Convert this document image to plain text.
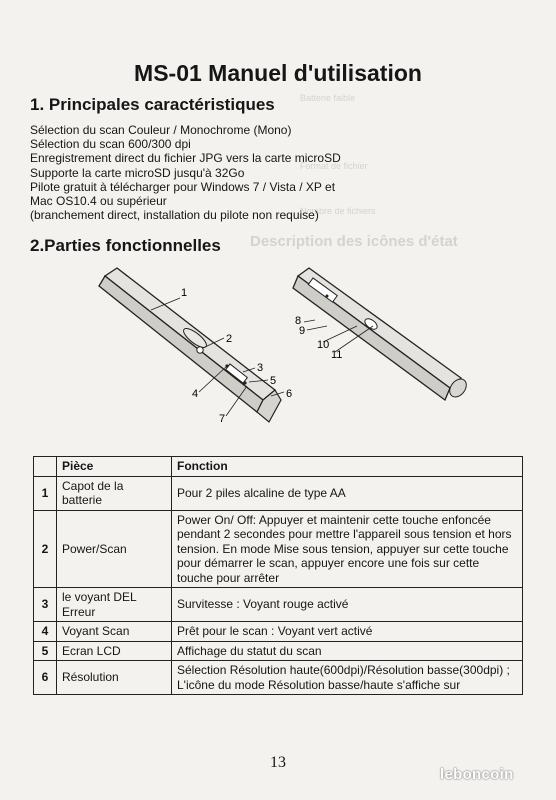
Description des icônes d'état
Batterie faible
Format de fichier
Nombre de fichiers
MS-01 Manuel d'utilisation
1. Principales caractéristiques
Sélection du scan Couleur / Monochrome (Mono)
Sélection du scan 600/300 dpi
Enregistrement direct du fichier JPG vers la carte microSD
Supporte la carte microSD jusqu'à 32Go
Pilote gratuit à télécharger pour Windows 7 / Vista / XP et
Mac OS10.4 ou supérieur
(branchement direct, installation du pilote non requise)
2.Parties fonctionnelles
1
2
3
4
5
6
7
8
9
10
11
	Pièce	Fonction
1	Capot de la batterie	Pour 2 piles alcaline de type AA
2	Power/Scan	Power On/ Off: Appuyer et maintenir cette touche enfoncée pendant 2 secondes pour mettre l'appareil sous tension et hors tension. En mode Mise sous tension, appuyer sur cette touche pour démarrer le scan, appuyer encore une fois sur cette touche pour arrêter
3	le voyant DEL Erreur	Survitesse : Voyant rouge activé
4	Voyant Scan	Prêt pour le scan : Voyant vert activé
5	Ecran LCD	Affichage du statut du scan
6	Résolution	Sélection Résolution haute(600dpi)/Résolution basse(300dpi) ; L'icône du mode Résolution basse/haute s'affiche sur
13
leboncoin
